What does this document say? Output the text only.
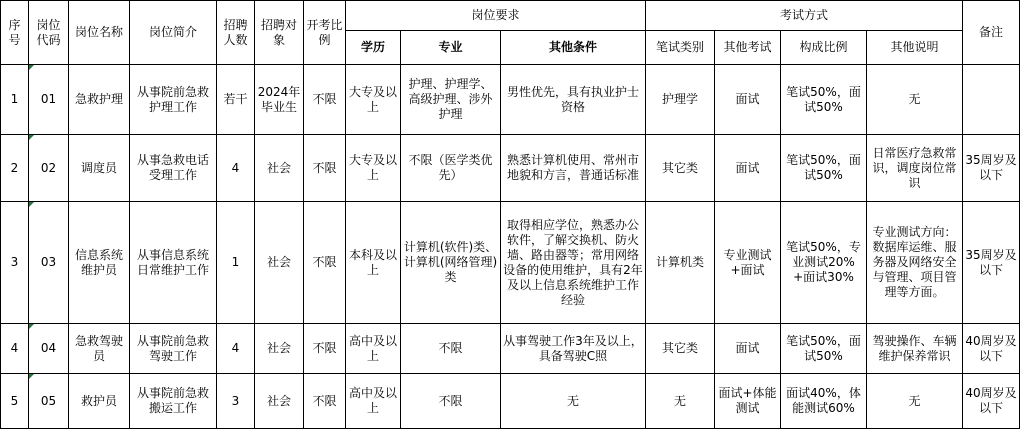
序号	岗位代码	岗位名称	岗位简介	招聘人数	招聘对象	开考比例	岗位要求			考试方式				备注
							学历	专业	其他条件	笔试类别	其他考试	构成比例	其他说明	
1	01	急救护理	从事院前急救护理工作	若干	2024年毕业生	不限	大专及以上	护理、护理学、高级护理、涉外护理	男性优先，具有执业护士资格	护理学	面试	笔试50%，面试50%	无	
2	02	调度员	从事急救电话受理工作	4	社会	不限	大专及以上	不限（医学类优先）	熟悉计算机使用、常州市地貌和方言，普通话标准	其它类	面试	笔试50%，面试50%	日常医疗急救常识，调度岗位常识	35周岁及以下
3	03	信息系统维护员	从事信息系统日常维护工作	1	社会	不限	本科及以上	计算机(软件)类、计算机(网络管理)类	取得相应学位，熟悉办公软件，了解交换机、防火墙、路由器等；常用网络设备的使用维护，具有2年及以上信息系统维护工作经验	计算机类	专业测试+面试	笔试50%，专业测试20%+面试30%	专业测试方向：数据库运维、服务器及网络安全与管理、项目管理等方面。	35周岁及以下
4	04	急救驾驶员	从事院前急救驾驶工作	4	社会	不限	高中及以上	不限	从事驾驶工作3年及以上，具备驾驶C照	其它类	面试	笔试50%，面试50%	驾驶操作、车辆维护保养常识	40周岁及以下
5	05	救护员	从事院前急救搬运工作	3	社会	不限	高中及以上	不限	无	无	面试+体能测试	面试40%，体能测试60%	无	40周岁及以下
